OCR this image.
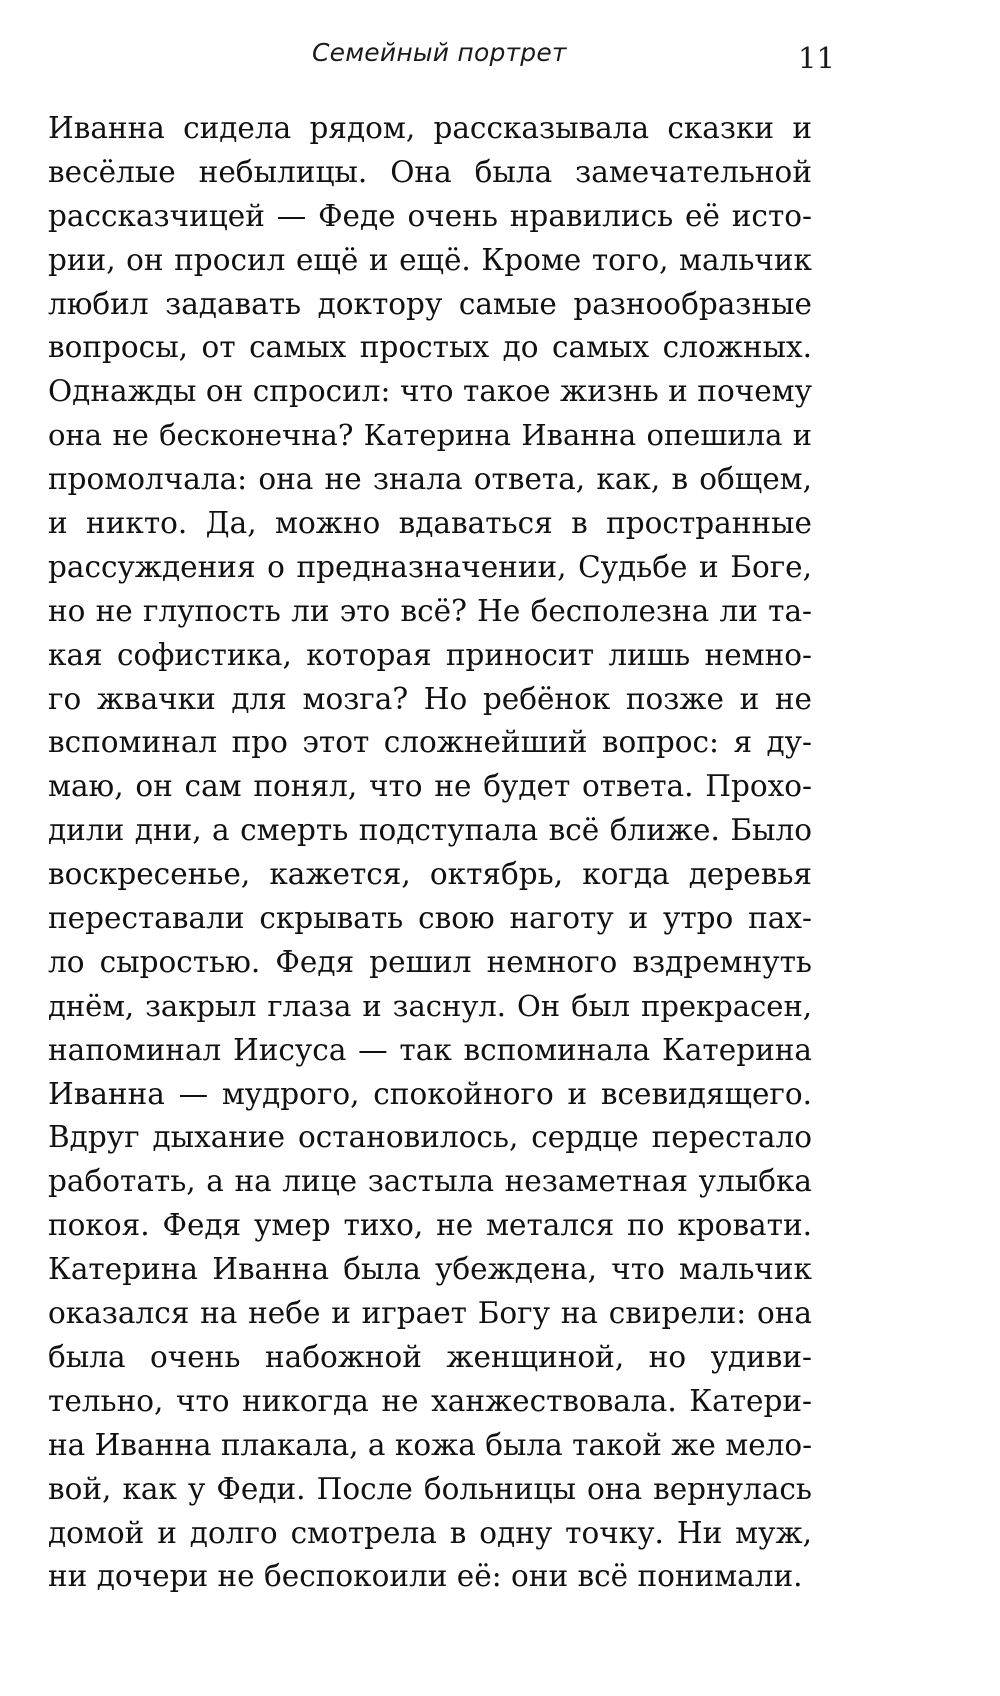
Семейный портрет	11
Иванна сидела рядом, рассказывала сказки и
весёлые небылицы. Она была замечательной
рассказчицей — Феде очень нравились её исто-
рии, он просил ещё и ещё. Кроме того, мальчик
любил задавать доктору самые разнообразные
вопросы, от самых простых до самых сложных.
Однажды он спросил: что такое жизнь и почему
она не бесконечна? Катерина Иванна опешила и
промолчала: она не знала ответа, как, в общем,
и никто. Да, можно вдаваться в пространные
рассуждения о предназначении, Судьбе и Боге,
но не глупость ли это всё? Не бесполезна ли та-
кая софистика, которая приносит лишь немно-
го жвачки для мозга? Но ребёнок позже и не
вспоминал про этот сложнейший вопрос: я ду-
маю, он сам понял, что не будет ответа. Прохо-
дили дни, а смерть подступала всё ближе. Было
воскресенье, кажется, октябрь, когда деревья
переставали скрывать свою наготу и утро пах-
ло сыростью. Федя решил немного вздремнуть
днём, закрыл глаза и заснул. Он был прекрасен,
напоминал Иисуса — так вспоминала Катерина
Иванна — мудрого, спокойного и всевидящего.
Вдруг дыхание остановилось, сердце перестало
работать, а на лице застыла незаметная улыбка
покоя. Федя умер тихо, не метался по кровати.
Катерина Иванна была убеждена, что мальчик
оказался на небе и играет Богу на свирели: она
была очень набожной женщиной, но удиви-
тельно, что никогда не ханжествовала. Катери-
на Иванна плакала, а кожа была такой же мело-
вой, как у Феди. После больницы она вернулась
домой и долго смотрела в одну точку. Ни муж,
ни дочери не беспокоили её: они всё понимали.
